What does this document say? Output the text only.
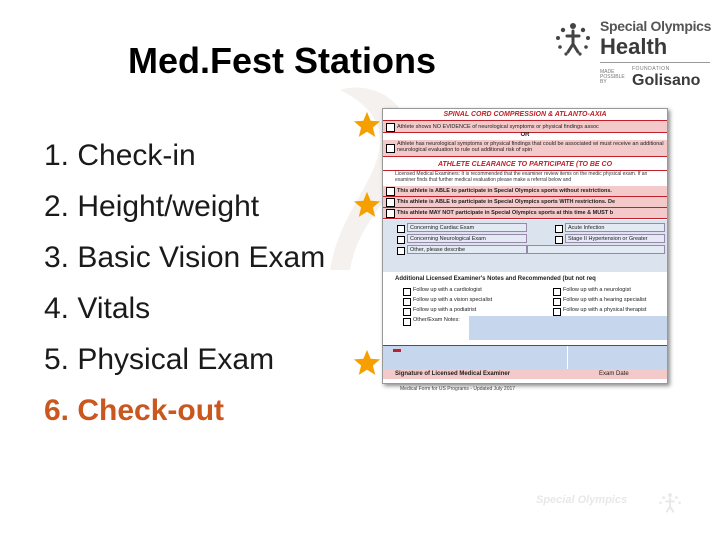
Med.Fest Stations
1. Check-in
2. Height/weight
3. Basic Vision Exam
4. Vitals
5. Physical Exam
6. Check-out
Special Olympics
Health
MADE POSSIBLE BY
FOUNDATION
Golisano
Special Olympics
SPINAL CORD COMPRESSION & ATLANTO-AXIA
Athlete shows NO EVIDENCE of neurological symptoms or physical findings assoc
OR
Athlete has neurological symptoms or physical findings that could be associated wi must receive an additional neurological evaluation to rule out additional risk of spin
ATHLETE CLEARANCE TO PARTICIPATE (TO BE CO
Licensed Medical Examiners: It is recommended that the examiner review items on the medic physical exam. If an examiner finds that further medical evaluation please make a referral below and
This athlete is ABLE to participate in Special Olympics sports without restrictions.
This athlete is ABLE to participate in Special Olympics sports WITH restrictions. De
This athlete MAY NOT participate in Special Olympics sports at this time & MUST b
Concerning Cardiac Exam
Concerning Neurological Exam
Other, please describe
Acute Infection
Stage II Hypertension or Greater
Additional Licensed Examiner's Notes and Recommended (but not req
Follow up with a cardiologist
Follow up with a vision specialist
Follow up with a podiatrist
Other/Exam Notes:
Follow up with a neurologist
Follow up with a hearing specialist
Follow up with a physical therapist
Signature of Licensed Medical Examiner	Exam Date
Medical Form for US Programs - Updated July 2017
